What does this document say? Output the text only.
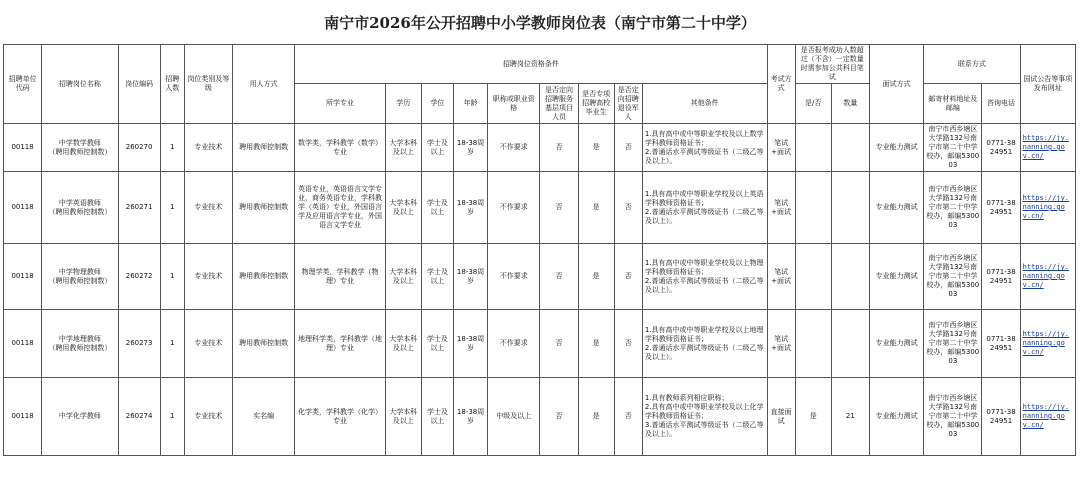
南宁市2026年公开招聘中小学教师岗位表（南宁市第二十中学）
招聘单位代码	招聘岗位名称	岗位编码	招聘人数	岗位类别及等级	用人方式	招聘岗位资格条件									考试方式	是否报考成功人数超过（不含）一定数量时需参加公共科目笔试		面试方式	联系方式		国试公告等事项发布网址
						所学专业	学历	学位	年龄	职称或职业资格	是否定向招聘服务基层项目人员	是否专项招聘高校毕业生	是否定向招聘退役军人	其他条件		是/否	数量		邮寄材料地址及邮编	咨询电话	
00118	中学数学教师
（聘用教师控制数）	260270	1	专业技术	聘用教师控制数	数学类，学科教学（数学）专业	大学本科及以上	学士及以上	18-38周岁	不作要求	否	是	否	1.具有高中或中等职业学校及以上数学学科教师资格证书；
2.普通话水平测试等级证书（二级乙等及以上）。	笔试+面试			专业能力测试	南宁市西乡塘区大学路132号南宁市第二十中学校办，邮编530003	0771-3824951	https://jy.nanning.gov.cn/
00118	中学英语教师
（聘用教师控制数）	260271	1	专业技术	聘用教师控制数	英语专业，英语语言文学专业，商务英语专业，学科教学（英语）专业，外国语言学及应用语言学专业，外国语言文学专业	大学本科及以上	学士及以上	18-38周岁	不作要求	否	是	否	1.具有高中或中等职业学校及以上英语学科教师资格证书；
2.普通话水平测试等级证书（二级乙等及以上）。	笔试+面试			专业能力测试	南宁市西乡塘区大学路132号南宁市第二十中学校办，邮编530003	0771-3824951	https://jy.nanning.gov.cn/
00118	中学物理教师
（聘用教师控制数）	260272	1	专业技术	聘用教师控制数	物理学类，学科教学（物理）专业	大学本科及以上	学士及以上	18-38周岁	不作要求	否	是	否	1.具有高中或中等职业学校及以上物理学科教师资格证书；
2.普通话水平测试等级证书（二级乙等及以上）。	笔试+面试			专业能力测试	南宁市西乡塘区大学路132号南宁市第二十中学校办，邮编530003	0771-3824951	https://jy.nanning.gov.cn/
00118	中学地理教师
（聘用教师控制数）	260273	1	专业技术	聘用教师控制数	地理科学类，学科教学（地理）专业	大学本科及以上	学士及以上	18-38周岁	不作要求	否	是	否	1.具有高中或中等职业学校及以上地理学科教师资格证书；
2.普通话水平测试等级证书（二级乙等及以上）。	笔试+面试			专业能力测试	南宁市西乡塘区大学路132号南宁市第二十中学校办，邮编530003	0771-3824951	https://jy.nanning.gov.cn/
00118	中学化学教师	260274	1	专业技术	实名编	化学类，学科教学（化学）专业	大学本科及以上	学士及以上	18-38周岁	中级及以上	否	是	否	1.具有教师系列相应职称；
2.具有高中或中等职业学校及以上化学学科教师资格证书；
3.普通话水平测试等级证书（二级乙等及以上）。	直接面试	是	21	专业能力测试	南宁市西乡塘区大学路132号南宁市第二十中学校办，邮编530003	0771-3824951	https://jy.nanning.gov.cn/
